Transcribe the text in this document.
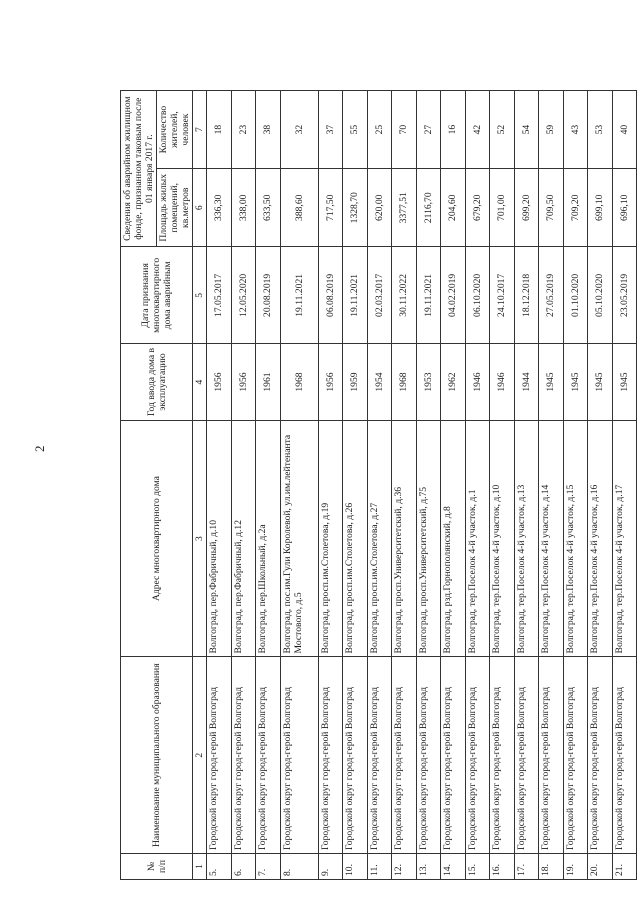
2
№ п/п	Наименование муниципального образования	Адрес многоквартирного дома	Год ввода дома в эксплуатацию	Дата признания многоквартирного дома аварийным	Сведения об аварийном жилищном фонде, признанном таковым после 01 января 2017 г.	
					Площадь жилых помещений, кв.метров	Количество жителей, человек
1	2	3	4	5	6	7
5.	Городской округ город-герой Волгоград	Волгоград, пер.Фабричный, д.10	1956	17.05.2017	336,30	18
6.	Городской округ город-герой Волгоград	Волгоград, пер.Фабричный, д.12	1956	12.05.2020	338,00	23
7.	Городской округ город-герой Волгоград	Волгоград, пер.Школьный, д.2а	1961	20.08.2019	633,50	38
8.	Городской округ город-герой Волгоград	Волгоград, пос.им.Гули Королевой, ул.им.лейтенанта Мостового, д.5	1968	19.11.2021	388,60	32
9.	Городской округ город-герой Волгоград	Волгоград, просп.им.Столетова, д.19	1956	06.08.2019	717,50	37
10.	Городской округ город-герой Волгоград	Волгоград, просп.им.Столетова, д.26	1959	19.11.2021	1328,70	55
11.	Городской округ город-герой Волгоград	Волгоград, просп.им.Столетова, д.27	1954	02.03.2017	620,00	25
12.	Городской округ город-герой Волгоград	Волгоград, просп.Университетский, д.36	1968	30.11.2022	3377,51	70
13.	Городской округ город-герой Волгоград	Волгоград, просп.Университетский, д.75	1953	19.11.2021	2116,70	27
14.	Городской округ город-герой Волгоград	Волгоград, рзд.Горнополянский, д.8	1962	04.02.2019	204,60	16
15.	Городской округ город-герой Волгоград	Волгоград, тер.Поселок 4-й участок, д.1	1946	06.10.2020	679,20	42
16.	Городской округ город-герой Волгоград	Волгоград, тер.Поселок 4-й участок, д.10	1946	24.10.2017	701,00	52
17.	Городской округ город-герой Волгоград	Волгоград, тер.Поселок 4-й участок, д.13	1944	18.12.2018	699,20	54
18.	Городской округ город-герой Волгоград	Волгоград, тер.Поселок 4-й участок, д.14	1945	27.05.2019	709,50	59
19.	Городской округ город-герой Волгоград	Волгоград, тер.Поселок 4-й участок, д.15	1945	01.10.2020	709,20	43
20.	Городской округ город-герой Волгоград	Волгоград, тер.Поселок 4-й участок, д.16	1945	05.10.2020	699,10	53
21.	Городской округ город-герой Волгоград	Волгоград, тер.Поселок 4-й участок, д.17	1945	23.05.2019	696,10	40
